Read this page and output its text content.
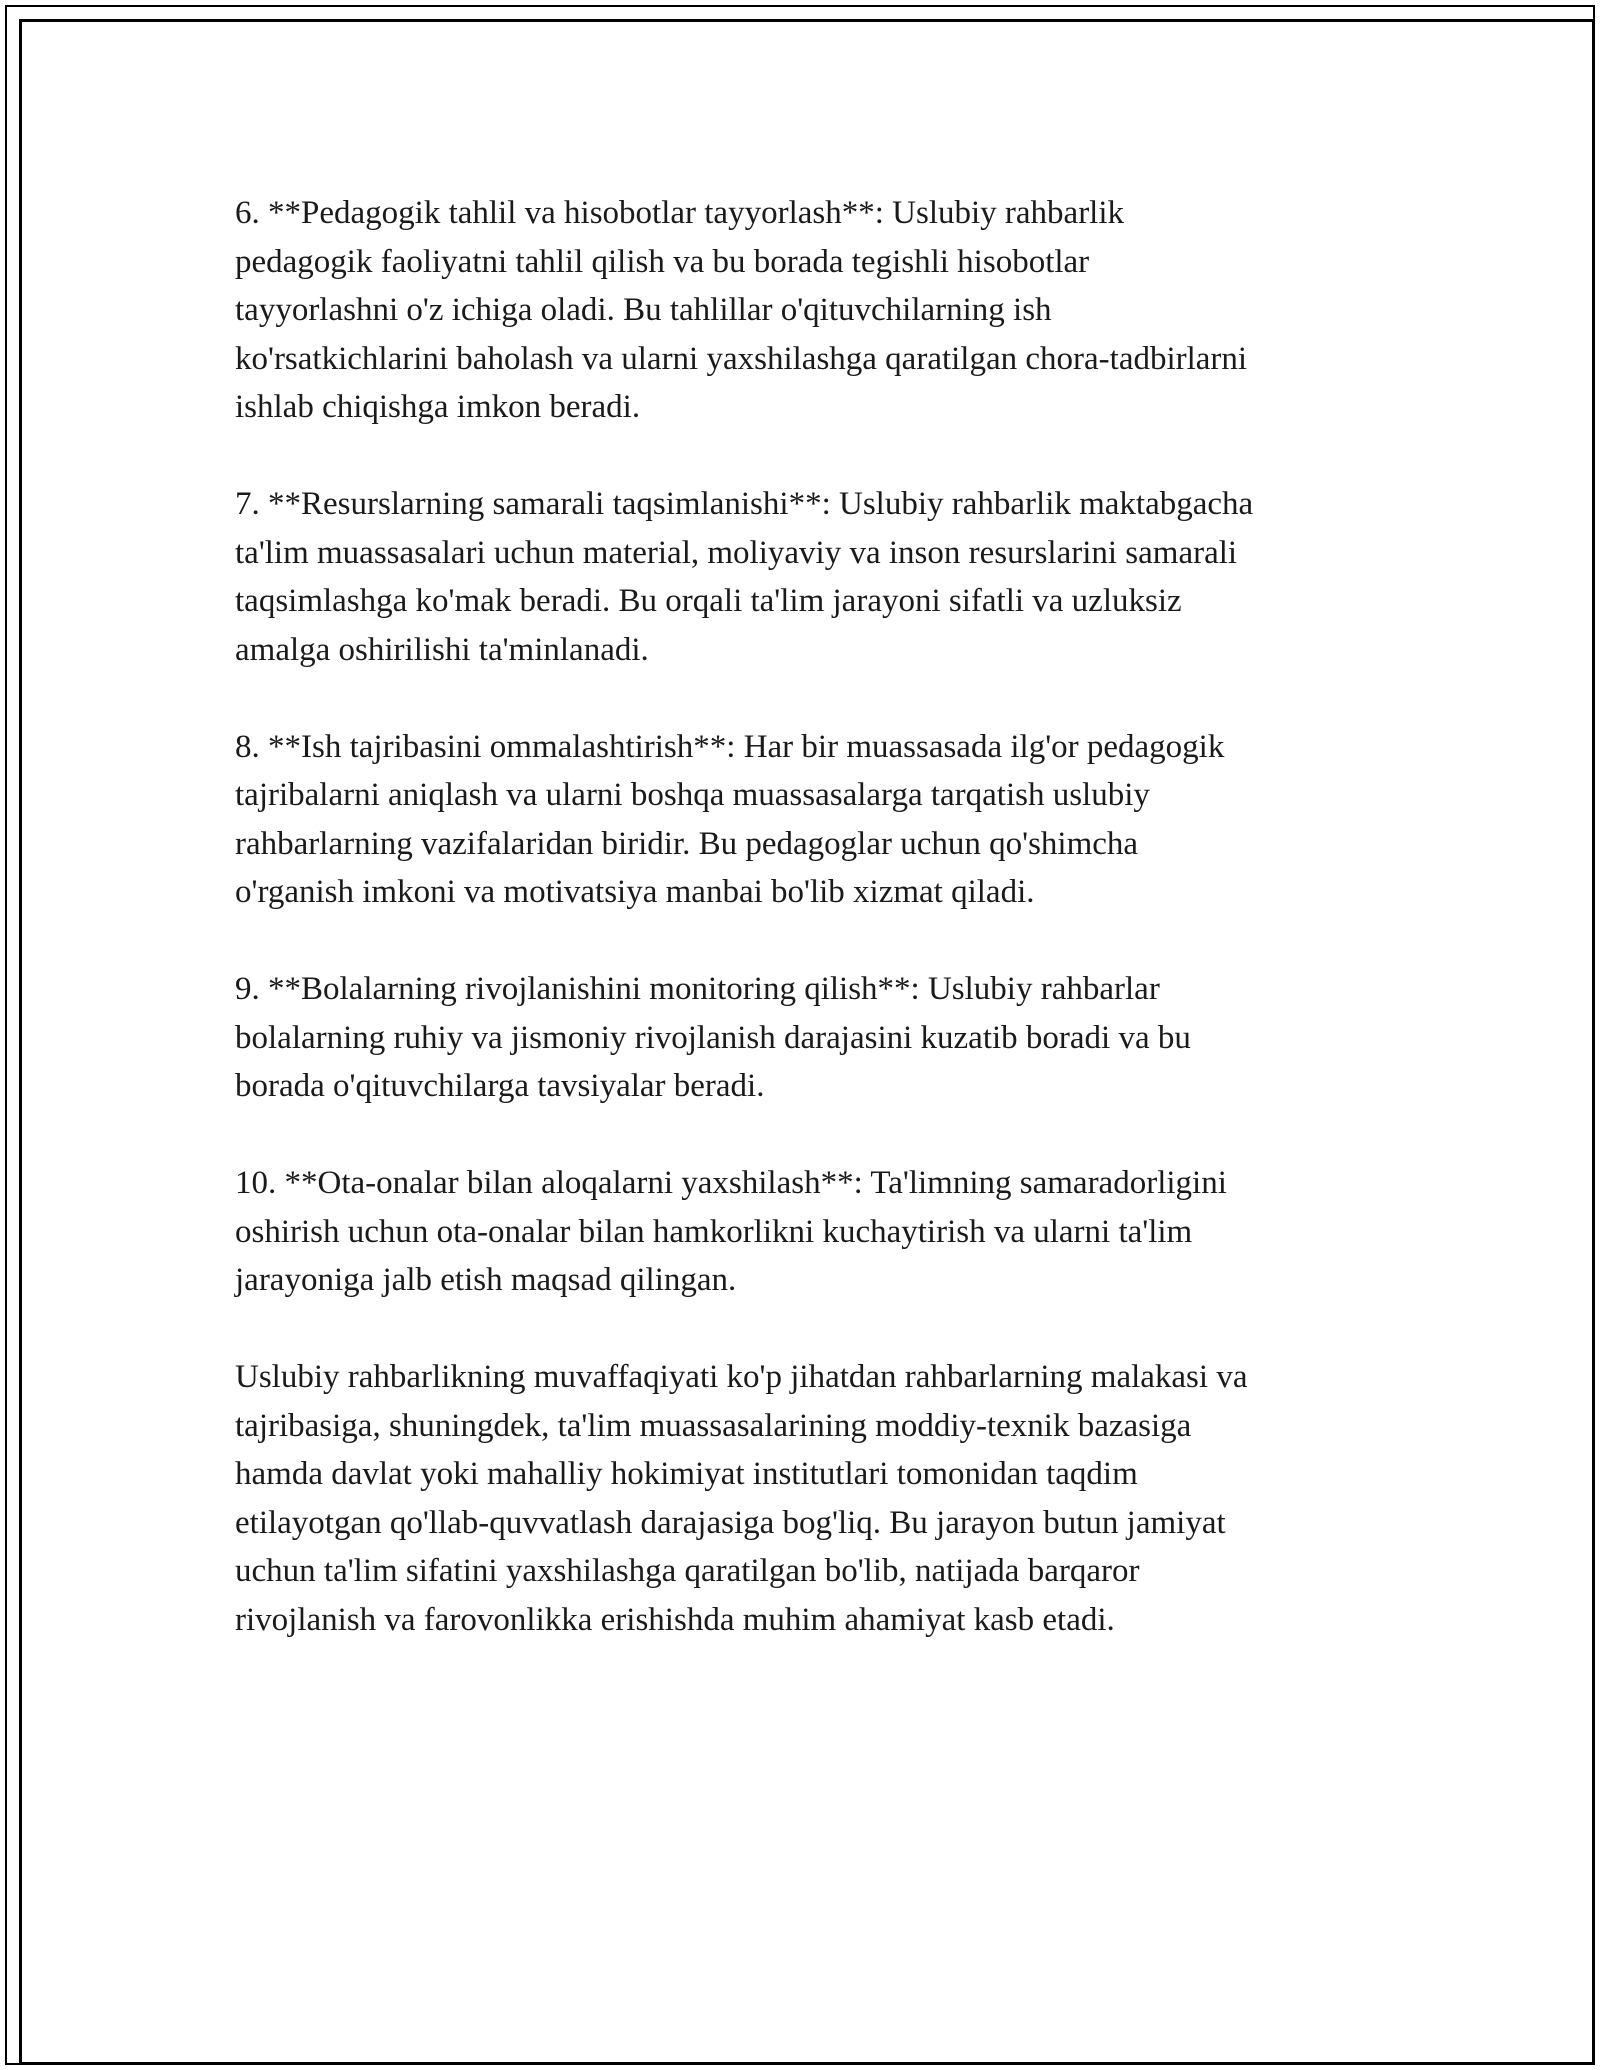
6. **Pedagogik tahlil va hisobotlar tayyorlash**: Uslubiy rahbarlik
pedagogik faoliyatni tahlil qilish va bu borada tegishli hisobotlar
tayyorlashni o'z ichiga oladi. Bu tahlillar o'qituvchilarning ish
ko'rsatkichlarini baholash va ularni yaxshilashga qaratilgan chora-tadbirlarni
ishlab chiqishga imkon beradi.

7. **Resurslarning samarali taqsimlanishi**: Uslubiy rahbarlik maktabgacha
ta'lim muassasalari uchun material, moliyaviy va inson resurslarini samarali
taqsimlashga ko'mak beradi. Bu orqali ta'lim jarayoni sifatli va uzluksiz
amalga oshirilishi ta'minlanadi.

8. **Ish tajribasini ommalashtirish**: Har bir muassasada ilg'or pedagogik
tajribalarni aniqlash va ularni boshqa muassasalarga tarqatish uslubiy
rahbarlarning vazifalaridan biridir. Bu pedagoglar uchun qo'shimcha
o'rganish imkoni va motivatsiya manbai bo'lib xizmat qiladi.

9. **Bolalarning rivojlanishini monitoring qilish**: Uslubiy rahbarlar
bolalarning ruhiy va jismoniy rivojlanish darajasini kuzatib boradi va bu
borada o'qituvchilarga tavsiyalar beradi.

10. **Ota-onalar bilan aloqalarni yaxshilash**: Ta'limning samaradorligini
oshirish uchun ota-onalar bilan hamkorlikni kuchaytirish va ularni ta'lim
jarayoniga jalb etish maqsad qilingan.

Uslubiy rahbarlikning muvaffaqiyati ko'p jihatdan rahbarlarning malakasi va
tajribasiga, shuningdek, ta'lim muassasalarining moddiy-texnik bazasiga
hamda davlat yoki mahalliy hokimiyat institutlari tomonidan taqdim
etilayotgan qo'llab-quvvatlash darajasiga bog'liq. Bu jarayon butun jamiyat
uchun ta'lim sifatini yaxshilashga qaratilgan bo'lib, natijada barqaror
rivojlanish va farovonlikka erishishda muhim ahamiyat kasb etadi.
